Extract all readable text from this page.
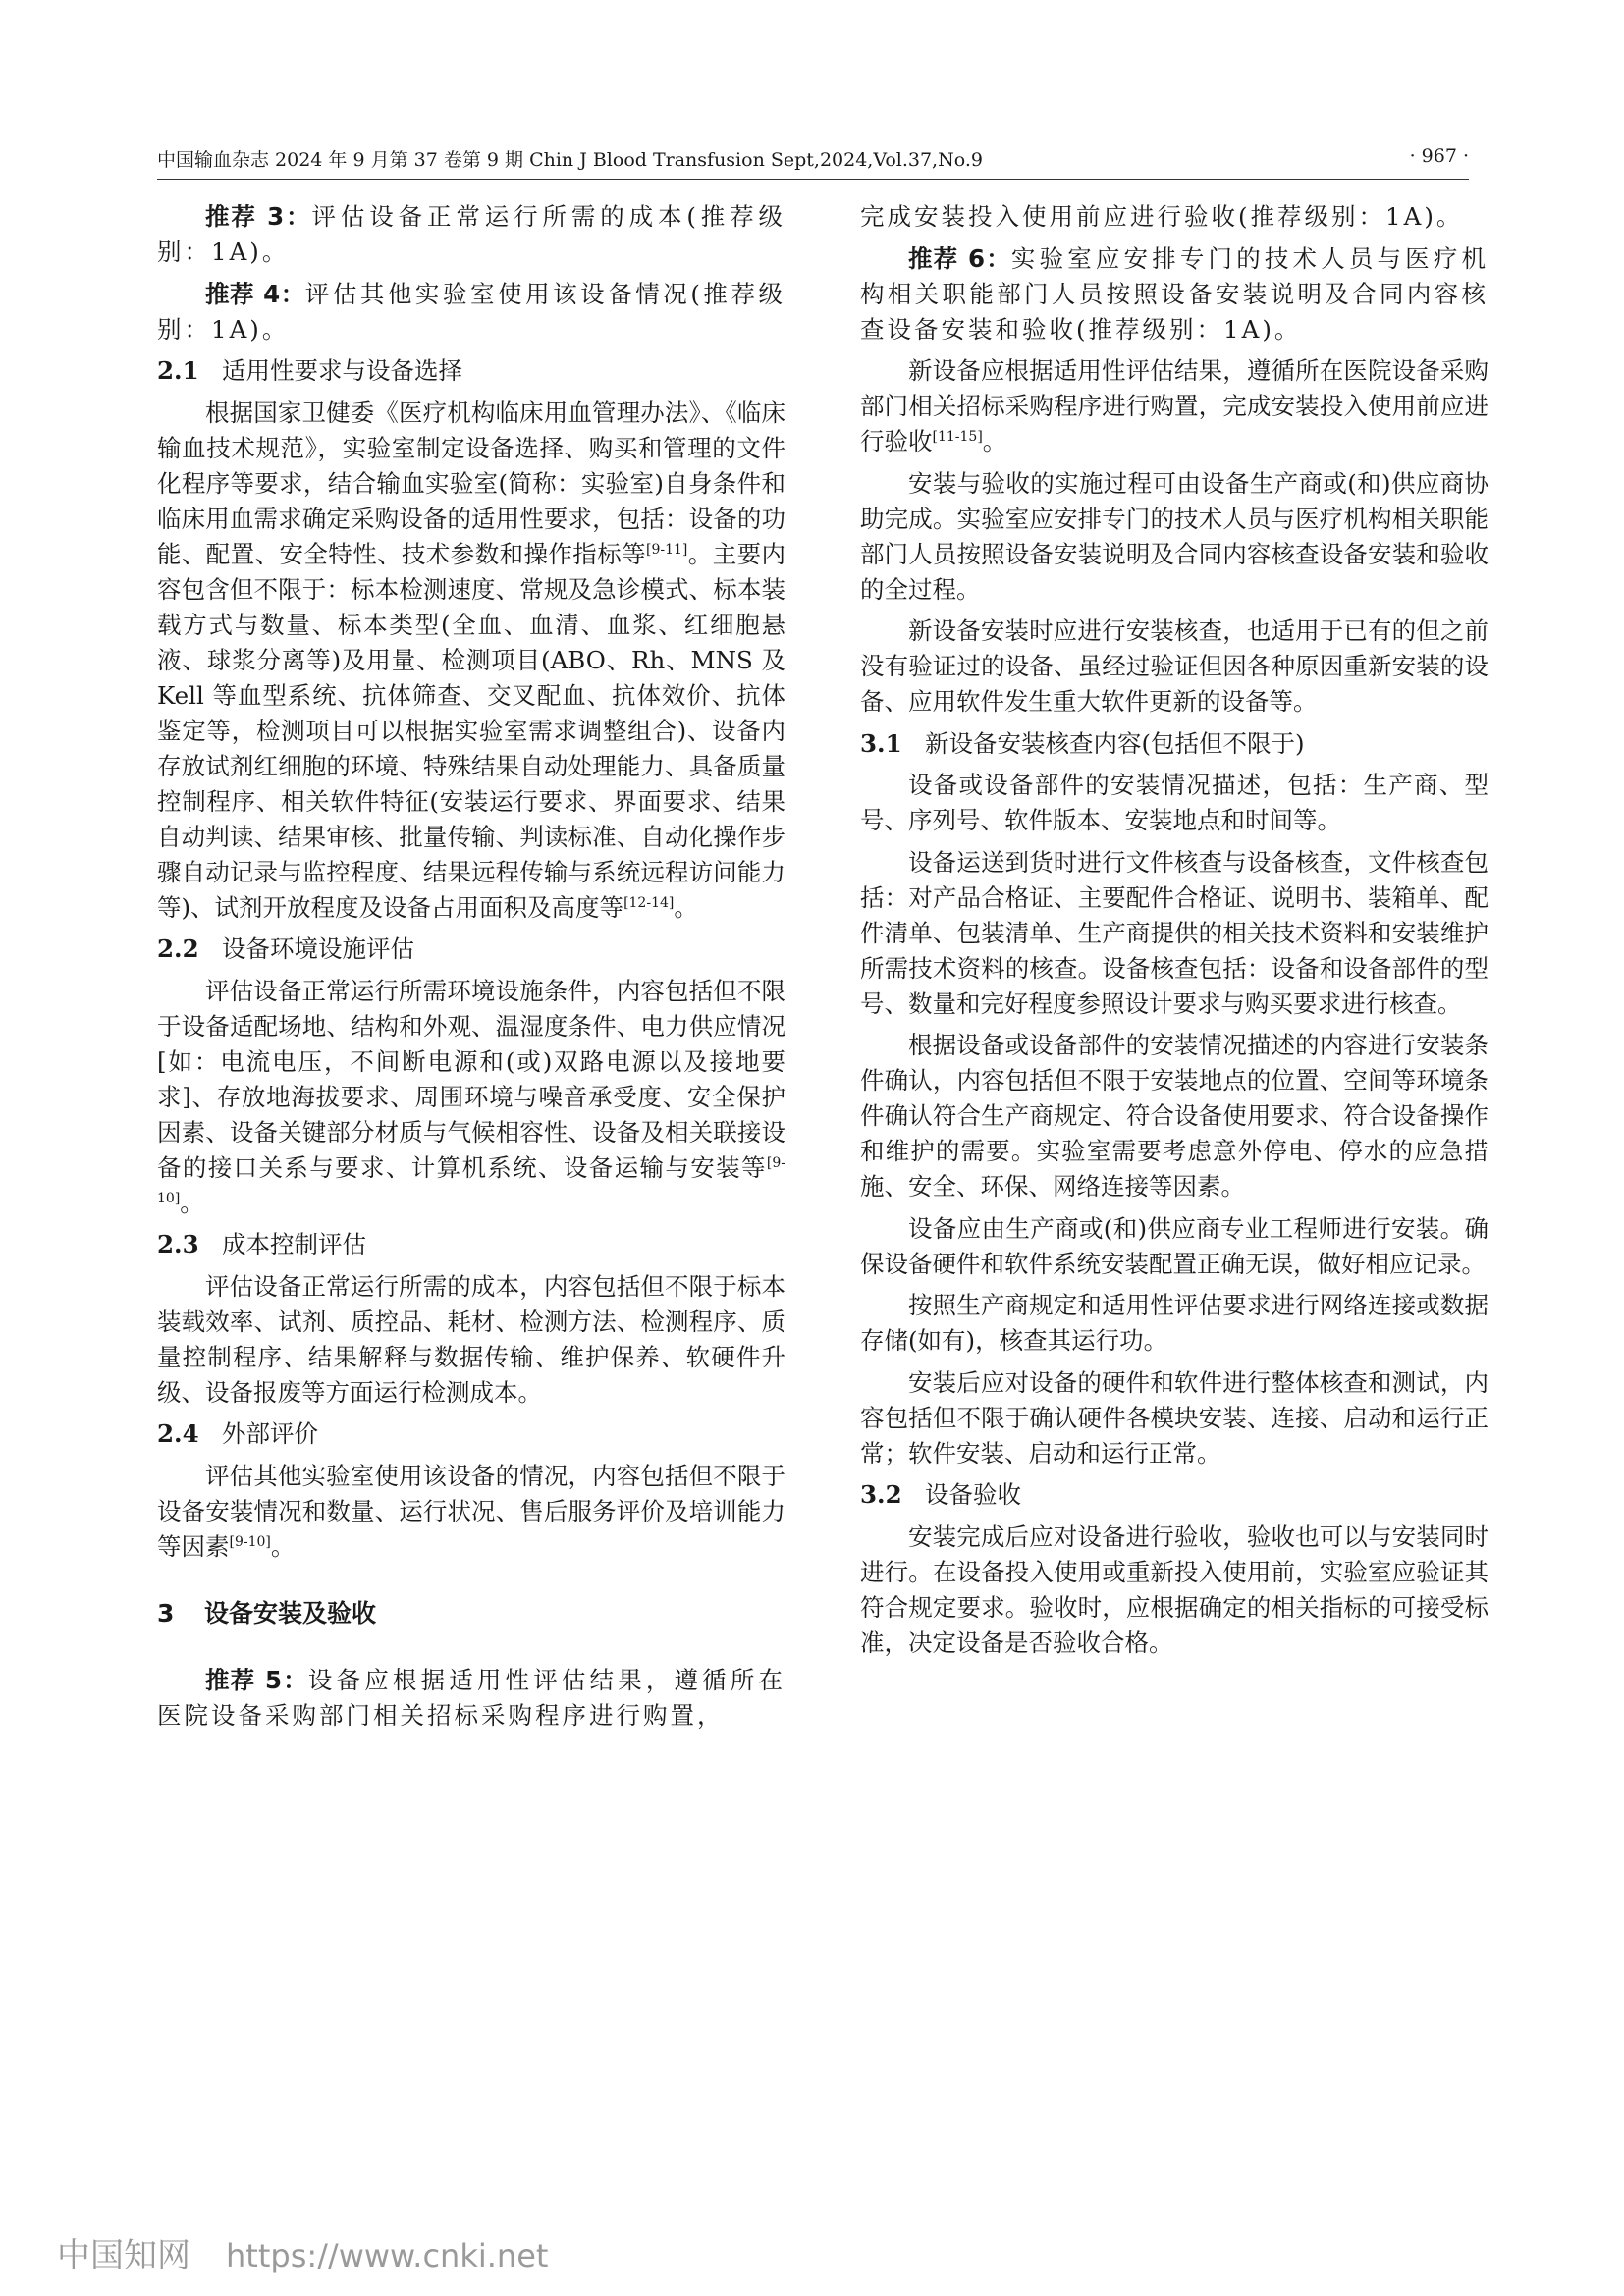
中国输血杂志 2024 年 9 月第 37 卷第 9 期 Chin J Blood Transfusion Sept,2024,Vol.37,No.9	· 967 ·

推荐 3：评估设备正常运行所需的成本(推荐级别：1A)。

推荐 4：评估其他实验室使用该设备情况(推荐级别：1A)。

2.1 适用性要求与设备选择

根据国家卫健委《医疗机构临床用血管理办法》、《临床输血技术规范》，实验室制定设备选择、购买和管理的文件化程序等要求，结合输血实验室(简称：实验室)自身条件和临床用血需求确定采购设备的适用性要求，包括：设备的功能、配置、安全特性、技术参数和操作指标等[9-11]。主要内容包含但不限于：标本检测速度、常规及急诊模式、标本装载方式与数量、标本类型(全血、血清、血浆、红细胞悬液、球浆分离等)及用量、检测项目(ABO、Rh、MNS 及 Kell 等血型系统、抗体筛查、交叉配血、抗体效价、抗体鉴定等，检测项目可以根据实验室需求调整组合)、设备内存放试剂红细胞的环境、特殊结果自动处理能力、具备质量控制程序、相关软件特征(安装运行要求、界面要求、结果自动判读、结果审核、批量传输、判读标准、自动化操作步骤自动记录与监控程度、结果远程传输与系统远程访问能力等)、试剂开放程度及设备占用面积及高度等[12-14]。

2.2 设备环境设施评估

评估设备正常运行所需环境设施条件，内容包括但不限于设备适配场地、结构和外观、温湿度条件、电力供应情况[如：电流电压，不间断电源和(或)双路电源以及接地要求]、存放地海拔要求、周围环境与噪音承受度、安全保护因素、设备关键部分材质与气候相容性、设备及相关联接设备的接口关系与要求、计算机系统、设备运输与安装等[9-10]。

2.3 成本控制评估

评估设备正常运行所需的成本，内容包括但不限于标本装载效率、试剂、质控品、耗材、检测方法、检测程序、质量控制程序、结果解释与数据传输、维护保养、软硬件升级、设备报废等方面运行检测成本。

2.4 外部评价

评估其他实验室使用该设备的情况，内容包括但不限于设备安装情况和数量、运行状况、售后服务评价及培训能力等因素[9-10]。

3 设备安装及验收

推荐 5：设备应根据适用性评估结果，遵循所在医院设备采购部门相关招标采购程序进行购置，

完成安装投入使用前应进行验收(推荐级别：1A)。

推荐 6：实验室应安排专门的技术人员与医疗机构相关职能部门人员按照设备安装说明及合同内容核查设备安装和验收(推荐级别：1A)。

新设备应根据适用性评估结果，遵循所在医院设备采购部门相关招标采购程序进行购置，完成安装投入使用前应进行验收[11-15]。

安装与验收的实施过程可由设备生产商或(和)供应商协助完成。实验室应安排专门的技术人员与医疗机构相关职能部门人员按照设备安装说明及合同内容核查设备安装和验收的全过程。

新设备安装时应进行安装核查，也适用于已有的但之前没有验证过的设备、虽经过验证但因各种原因重新安装的设备、应用软件发生重大软件更新的设备等。

3.1 新设备安装核查内容(包括但不限于)

设备或设备部件的安装情况描述，包括：生产商、型号、序列号、软件版本、安装地点和时间等。

设备运送到货时进行文件核查与设备核查，文件核查包括：对产品合格证、主要配件合格证、说明书、装箱单、配件清单、包装清单、生产商提供的相关技术资料和安装维护所需技术资料的核查。设备核查包括：设备和设备部件的型号、数量和完好程度参照设计要求与购买要求进行核查。

根据设备或设备部件的安装情况描述的内容进行安装条件确认，内容包括但不限于安装地点的位置、空间等环境条件确认符合生产商规定、符合设备使用要求、符合设备操作和维护的需要。实验室需要考虑意外停电、停水的应急措施、安全、环保、网络连接等因素。

设备应由生产商或(和)供应商专业工程师进行安装。确保设备硬件和软件系统安装配置正确无误，做好相应记录。

按照生产商规定和适用性评估要求进行网络连接或数据存储(如有)，核查其运行功。

安装后应对设备的硬件和软件进行整体核查和测试，内容包括但不限于确认硬件各模块安装、连接、启动和运行正常；软件安装、启动和运行正常。

3.2 设备验收

安装完成后应对设备进行验收，验收也可以与安装同时进行。在设备投入使用或重新投入使用前，实验室应验证其符合规定要求。验收时，应根据确定的相关指标的可接受标准，决定设备是否验收合格。

中国知网 https://www.cnki.net
